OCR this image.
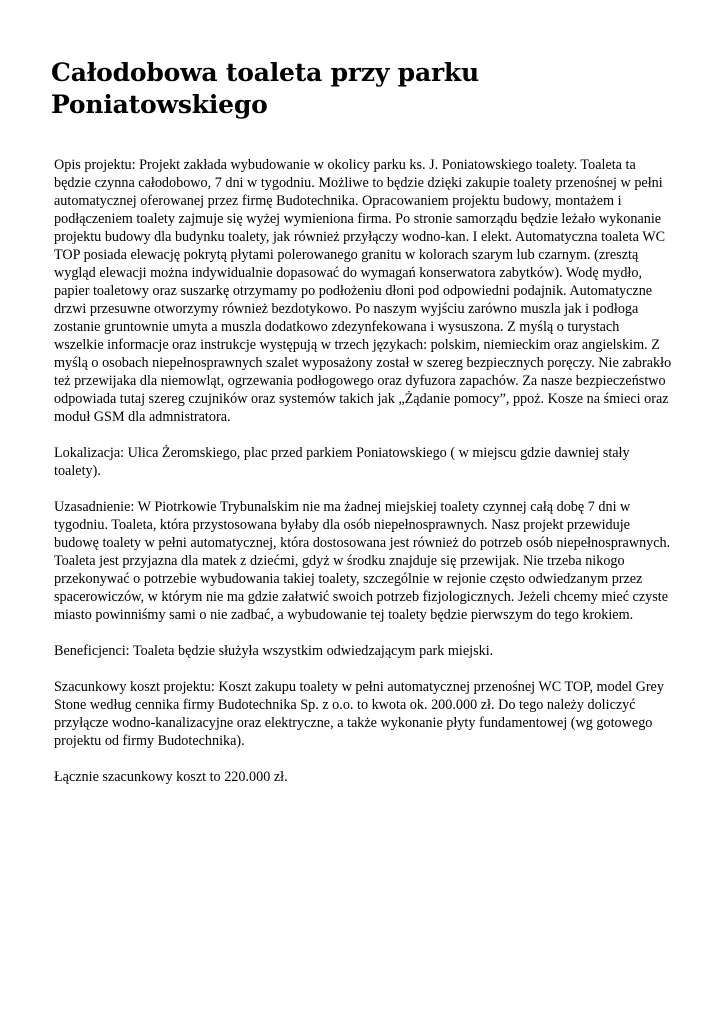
Całodobowa toaleta przy parku Poniatowskiego

Opis projektu: Projekt zakłada wybudowanie w okolicy parku ks. J. Poniatowskiego toalety. Toaleta ta będzie czynna całodobowo, 7 dni w tygodniu. Możliwe to będzie dzięki zakupie toalety przenośnej w pełni automatycznej oferowanej przez firmę Budotechnika. Opracowaniem projektu budowy, montażem i podłączeniem toalety zajmuje się wyżej wymieniona firma. Po stronie samorządu będzie leżało wykonanie projektu budowy dla budynku toalety, jak również przyłączy wodno-kan. I elekt. Automatyczna toaleta WC TOP posiada elewację pokrytą płytami polerowanego granitu w kolorach szarym lub czarnym. (zresztą wygląd elewacji można indywidualnie dopasować do wymagań konserwatora zabytków). Wodę mydło, papier toaletowy oraz suszarkę otrzymamy po podłożeniu dłoni pod odpowiedni podajnik. Automatyczne drzwi przesuwne otworzymy również bezdotykowo. Po naszym wyjściu zarówno muszla jak i podłoga zostanie gruntownie umyta a muszla dodatkowo zdezynfekowana i wysuszona. Z myślą o turystach wszelkie informacje oraz instrukcje występują w trzech językach: polskim, niemieckim oraz angielskim. Z myślą o osobach niepełnosprawnych szalet wyposażony został w szereg bezpiecznych poręczy. Nie zabrakło też przewijaka dla niemowląt, ogrzewania podłogowego oraz dyfuzora zapachów. Za nasze bezpieczeństwo odpowiada tutaj szereg czujników oraz systemów takich jak „Żądanie pomocy”, ppoż. Kosze na śmieci oraz moduł GSM dla admnistratora.

Lokalizacja: Ulica Żeromskiego, plac przed parkiem Poniatowskiego ( w miejscu gdzie dawniej stały toalety).

Uzasadnienie: W Piotrkowie Trybunalskim nie ma żadnej miejskiej toalety czynnej całą dobę 7 dni w tygodniu. Toaleta, która przystosowana byłaby dla osób niepełnosprawnych. Nasz projekt przewiduje budowę toalety w pełni automatycznej, która dostosowana jest również do potrzeb osób niepełnosprawnych. Toaleta jest przyjazna dla matek z dziećmi, gdyż w środku znajduje się przewijak. Nie trzeba nikogo przekonywać o potrzebie wybudowania takiej toalety, szczególnie w rejonie często odwiedzanym przez spacerowiczów, w którym nie ma gdzie załatwić swoich potrzeb fizjologicznych. Jeżeli chcemy mieć czyste miasto powinniśmy sami o nie zadbać, a wybudowanie tej toalety będzie pierwszym do tego krokiem.

Beneficjenci: Toaleta będzie służyła wszystkim odwiedzającym park miejski.

Szacunkowy koszt projektu: Koszt zakupu toalety w pełni automatycznej przenośnej WC TOP, model Grey Stone według cennika firmy Budotechnika Sp. z o.o. to kwota ok. 200.000 zł. Do tego należy doliczyć przyłącze wodno-kanalizacyjne oraz elektryczne, a także wykonanie płyty fundamentowej (wg gotowego projektu od firmy Budotechnika).

Łącznie szacunkowy koszt to 220.000 zł.
